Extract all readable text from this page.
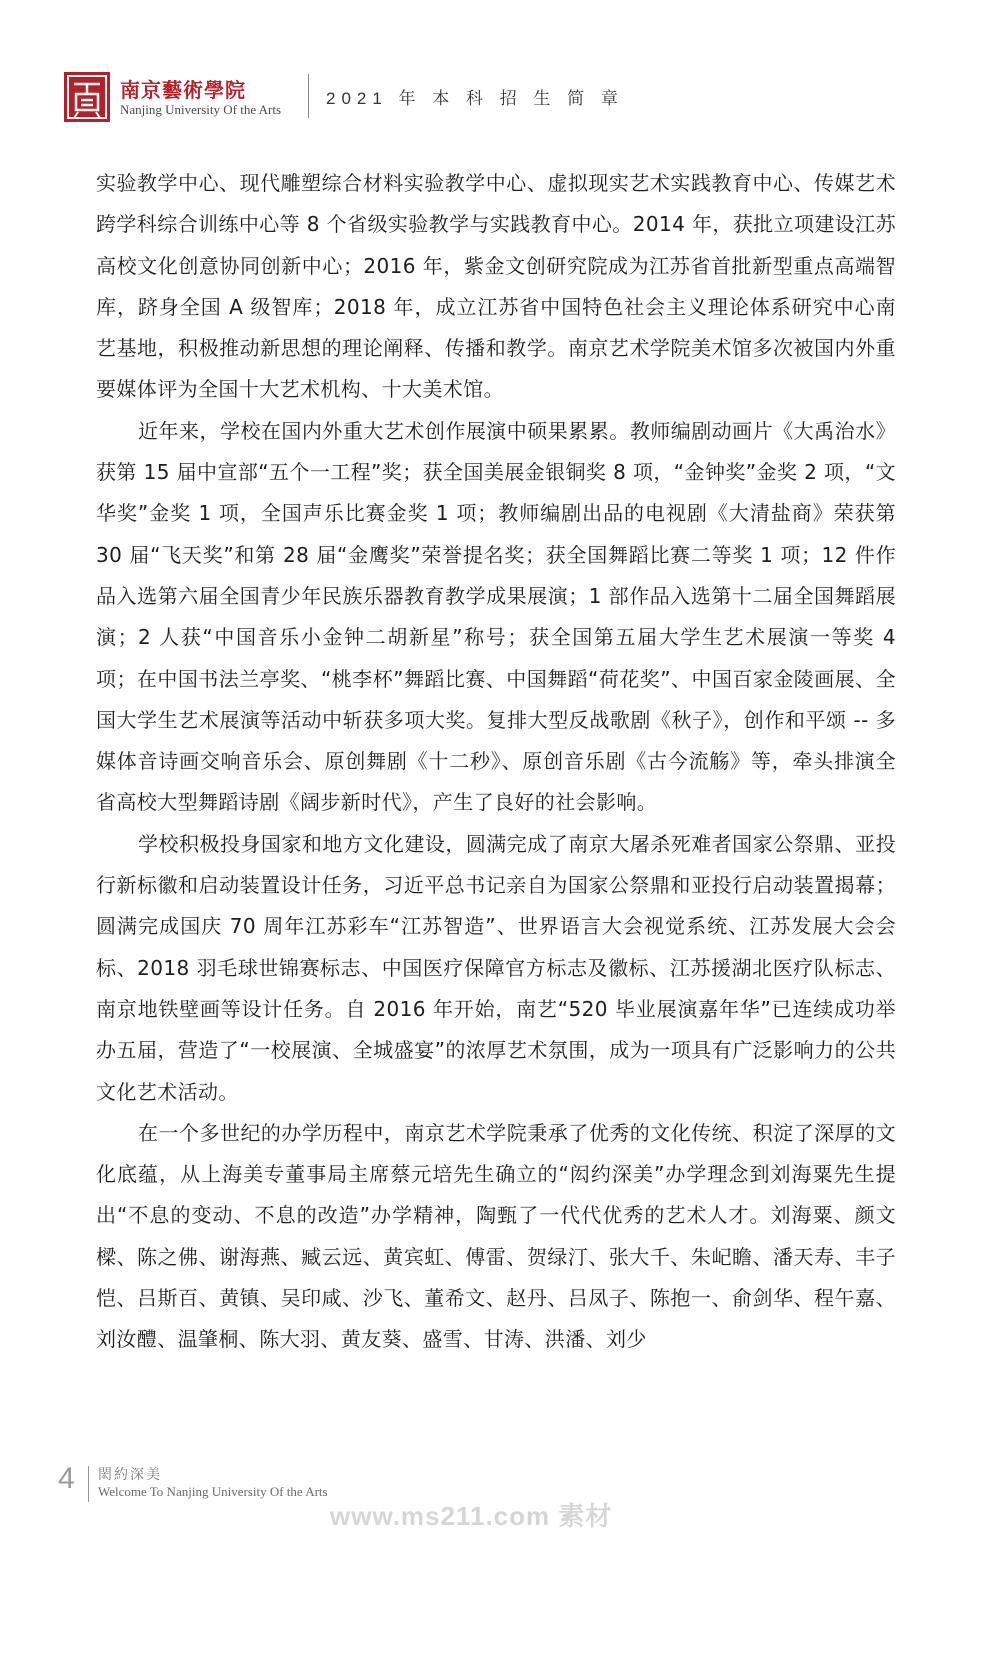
南京藝術學院
Nanjing University Of the Arts
2021 年 本 科 招 生 简 章

实验教学中心、现代雕塑综合材料实验教学中心、虚拟现实艺术实践教育中心、传媒艺术跨学科综合训练中心等 8 个省级实验教学与实践教育中心。2014 年，获批立项建设江苏高校文化创意协同创新中心；2016 年，紫金文创研究院成为江苏省首批新型重点高端智库，跻身全国 A 级智库；2018 年，成立江苏省中国特色社会主义理论体系研究中心南艺基地，积极推动新思想的理论阐释、传播和教学。南京艺术学院美术馆多次被国内外重要媒体评为全国十大艺术机构、十大美术馆。

近年来，学校在国内外重大艺术创作展演中硕果累累。教师编剧动画片《大禹治水》获第 15 届中宣部“五个一工程”奖；获全国美展金银铜奖 8 项，“金钟奖”金奖 2 项，“文华奖”金奖 1 项，全国声乐比赛金奖 1 项；教师编剧出品的电视剧《大清盐商》荣获第 30 届“飞天奖”和第 28 届“金鹰奖”荣誉提名奖；获全国舞蹈比赛二等奖 1 项；12 件作品入选第六届全国青少年民族乐器教育教学成果展演；1 部作品入选第十二届全国舞蹈展演；2 人获“中国音乐小金钟二胡新星”称号；获全国第五届大学生艺术展演一等奖 4 项；在中国书法兰亭奖、“桃李杯”舞蹈比赛、中国舞蹈“荷花奖”、中国百家金陵画展、全国大学生艺术展演等活动中斩获多项大奖。复排大型反战歌剧《秋子》，创作和平颂 -- 多媒体音诗画交响音乐会、原创舞剧《十二秒》、原创音乐剧《古今流觞》等，牵头排演全省高校大型舞蹈诗剧《阔步新时代》，产生了良好的社会影响。

学校积极投身国家和地方文化建设，圆满完成了南京大屠杀死难者国家公祭鼎、亚投行新标徽和启动装置设计任务，习近平总书记亲自为国家公祭鼎和亚投行启动装置揭幕；圆满完成国庆 70 周年江苏彩车“江苏智造”、世界语言大会视觉系统、江苏发展大会会标、2018 羽毛球世锦赛标志、中国医疗保障官方标志及徽标、江苏援湖北医疗队标志、南京地铁壁画等设计任务。自 2016 年开始，南艺“520 毕业展演嘉年华”已连续成功举办五届，营造了“一校展演、全城盛宴”的浓厚艺术氛围，成为一项具有广泛影响力的公共文化艺术活动。

在一个多世纪的办学历程中，南京艺术学院秉承了优秀的文化传统、积淀了深厚的文化底蕴，从上海美专董事局主席蔡元培先生确立的“闳约深美”办学理念到刘海粟先生提出“不息的变动、不息的改造”办学精神，陶甄了一代代优秀的艺术人才。刘海粟、颜文樑、陈之佛、谢海燕、臧云远、黄宾虹、傅雷、贺绿汀、张大千、朱屺瞻、潘天寿、丰子恺、吕斯百、黄镇、吴印咸、沙飞、董希文、赵丹、吕凤子、陈抱一、俞剑华、程午嘉、刘汝醴、温肇桐、陈大羽、黄友葵、盛雪、甘涛、洪潘、刘少

4 閎約深美
Welcome To Nanjing University Of the Arts
www.ms211.com 素材
